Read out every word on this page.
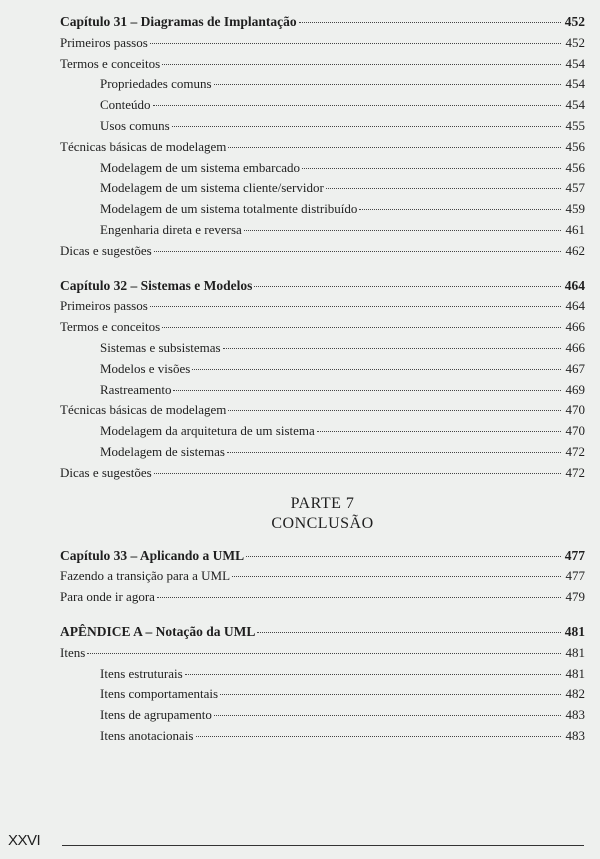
Capítulo 31 – Diagramas de Implantação	452
Primeiros passos	452
Termos e conceitos	454
Propriedades comuns	454
Conteúdo	454
Usos comuns	455
Técnicas básicas de modelagem	456
Modelagem de um sistema embarcado	456
Modelagem de um sistema cliente/servidor	457
Modelagem de um sistema totalmente distribuído	459
Engenharia direta e reversa	461
Dicas e sugestões	462
Capítulo 32 – Sistemas e Modelos	464
Primeiros passos	464
Termos e conceitos	466
Sistemas e subsistemas	466
Modelos e visões	467
Rastreamento	469
Técnicas básicas de modelagem	470
Modelagem da arquitetura de um sistema	470
Modelagem de sistemas	472
Dicas e sugestões	472
PARTE 7
CONCLUSÃO
Capítulo 33 – Aplicando a UML	477
Fazendo a transição para a UML	477
Para onde ir agora	479
APÊNDICE A – Notação da UML	481
Itens	481
Itens estruturais	481
Itens comportamentais	482
Itens de agrupamento	483
Itens anotacionais	483
XXVI
